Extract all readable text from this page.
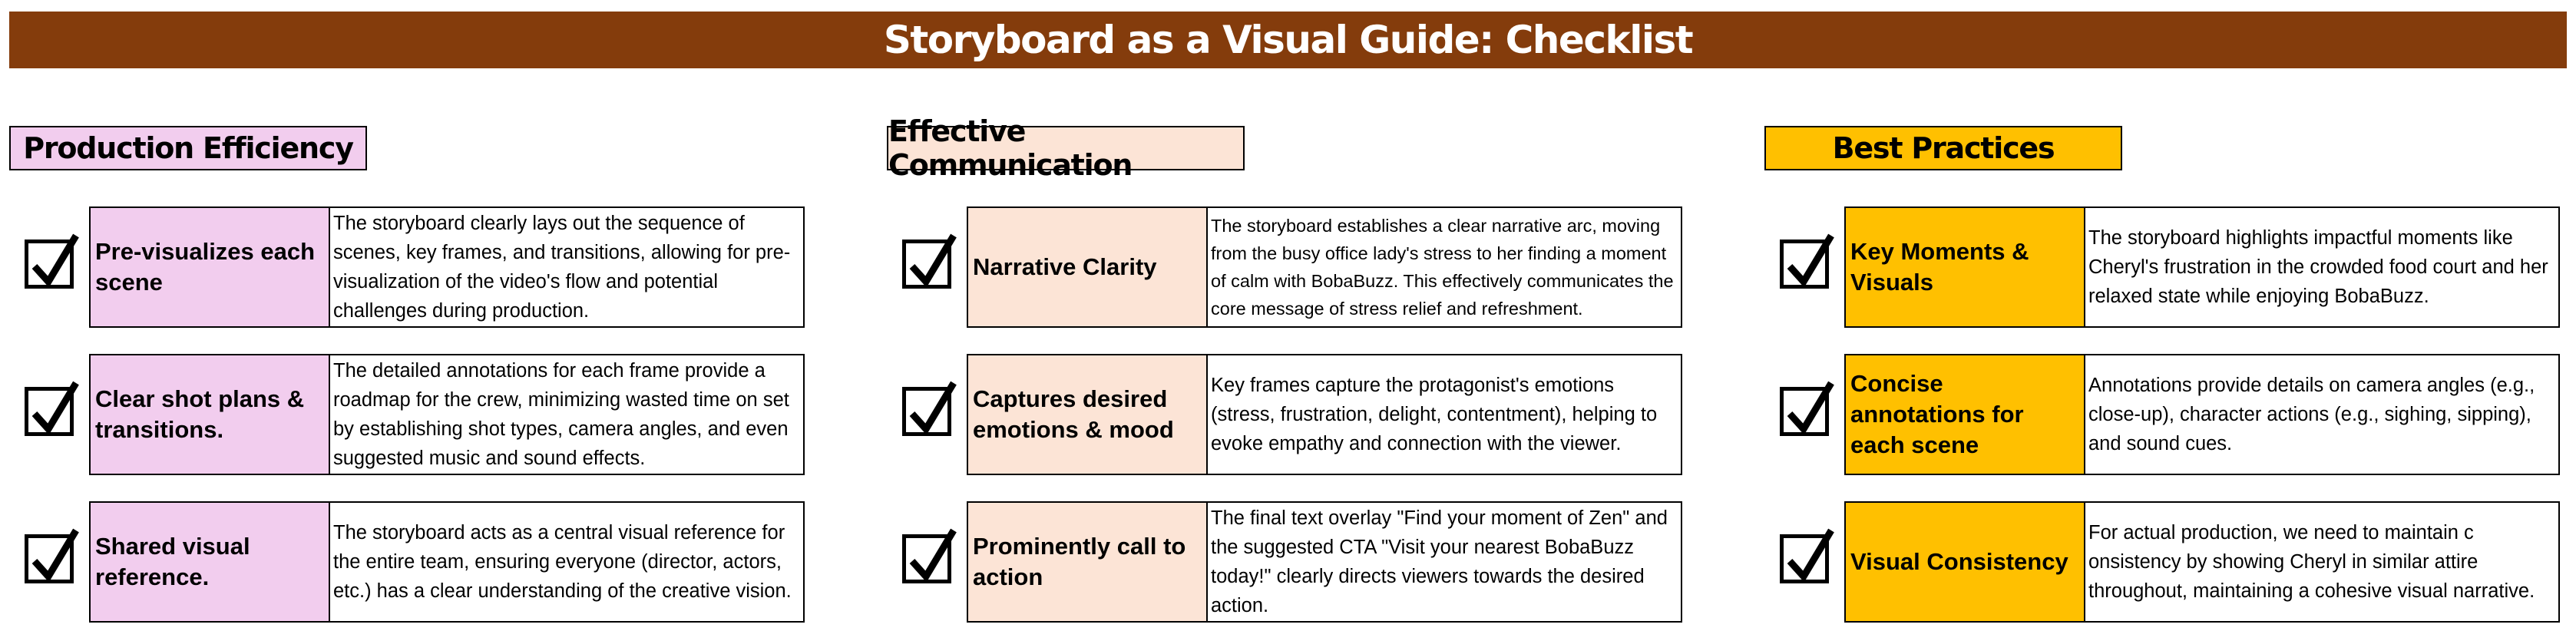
Storyboard as a Visual Guide: Checklist
Production Efficiency
Pre-visualizes each scene
The storyboard clearly lays out the sequence of scenes, key frames, and transitions, allowing for pre-visualization of the video's flow and potential challenges during production.
Clear shot plans & transitions.
The detailed annotations for each frame provide a roadmap for the crew, minimizing wasted time on set by establishing shot types, camera angles, and even suggested music and sound effects.
Shared visual reference.
The storyboard acts as a central visual reference for the entire team, ensuring everyone (director, actors, etc.) has a clear understanding of the creative vision.
Effective Communication
Narrative Clarity
The storyboard establishes a clear narrative arc, moving from the busy office lady's stress to her finding a moment of calm with BobaBuzz. This effectively communicates the core message of stress relief and refreshment.
Captures desired emotions & mood
Key frames capture the protagonist's emotions (stress, frustration, delight, contentment), helping to evoke empathy and connection with the viewer.
Prominently call to action
The final text overlay "Find your moment of Zen" and the suggested CTA "Visit your nearest BobaBuzz today!" clearly directs viewers towards the desired action.
Best Practices
Key Moments & Visuals
The storyboard highlights impactful moments like Cheryl's frustration in the crowded food court and her relaxed state while enjoying BobaBuzz.
Concise annotations for each scene
Annotations provide details on camera angles (e.g., close-up), character actions (e.g., sighing, sipping), and sound cues.
Visual Consistency
For actual production, we need to maintain c onsistency by showing Cheryl in similar attire throughout, maintaining a cohesive visual narrative.
